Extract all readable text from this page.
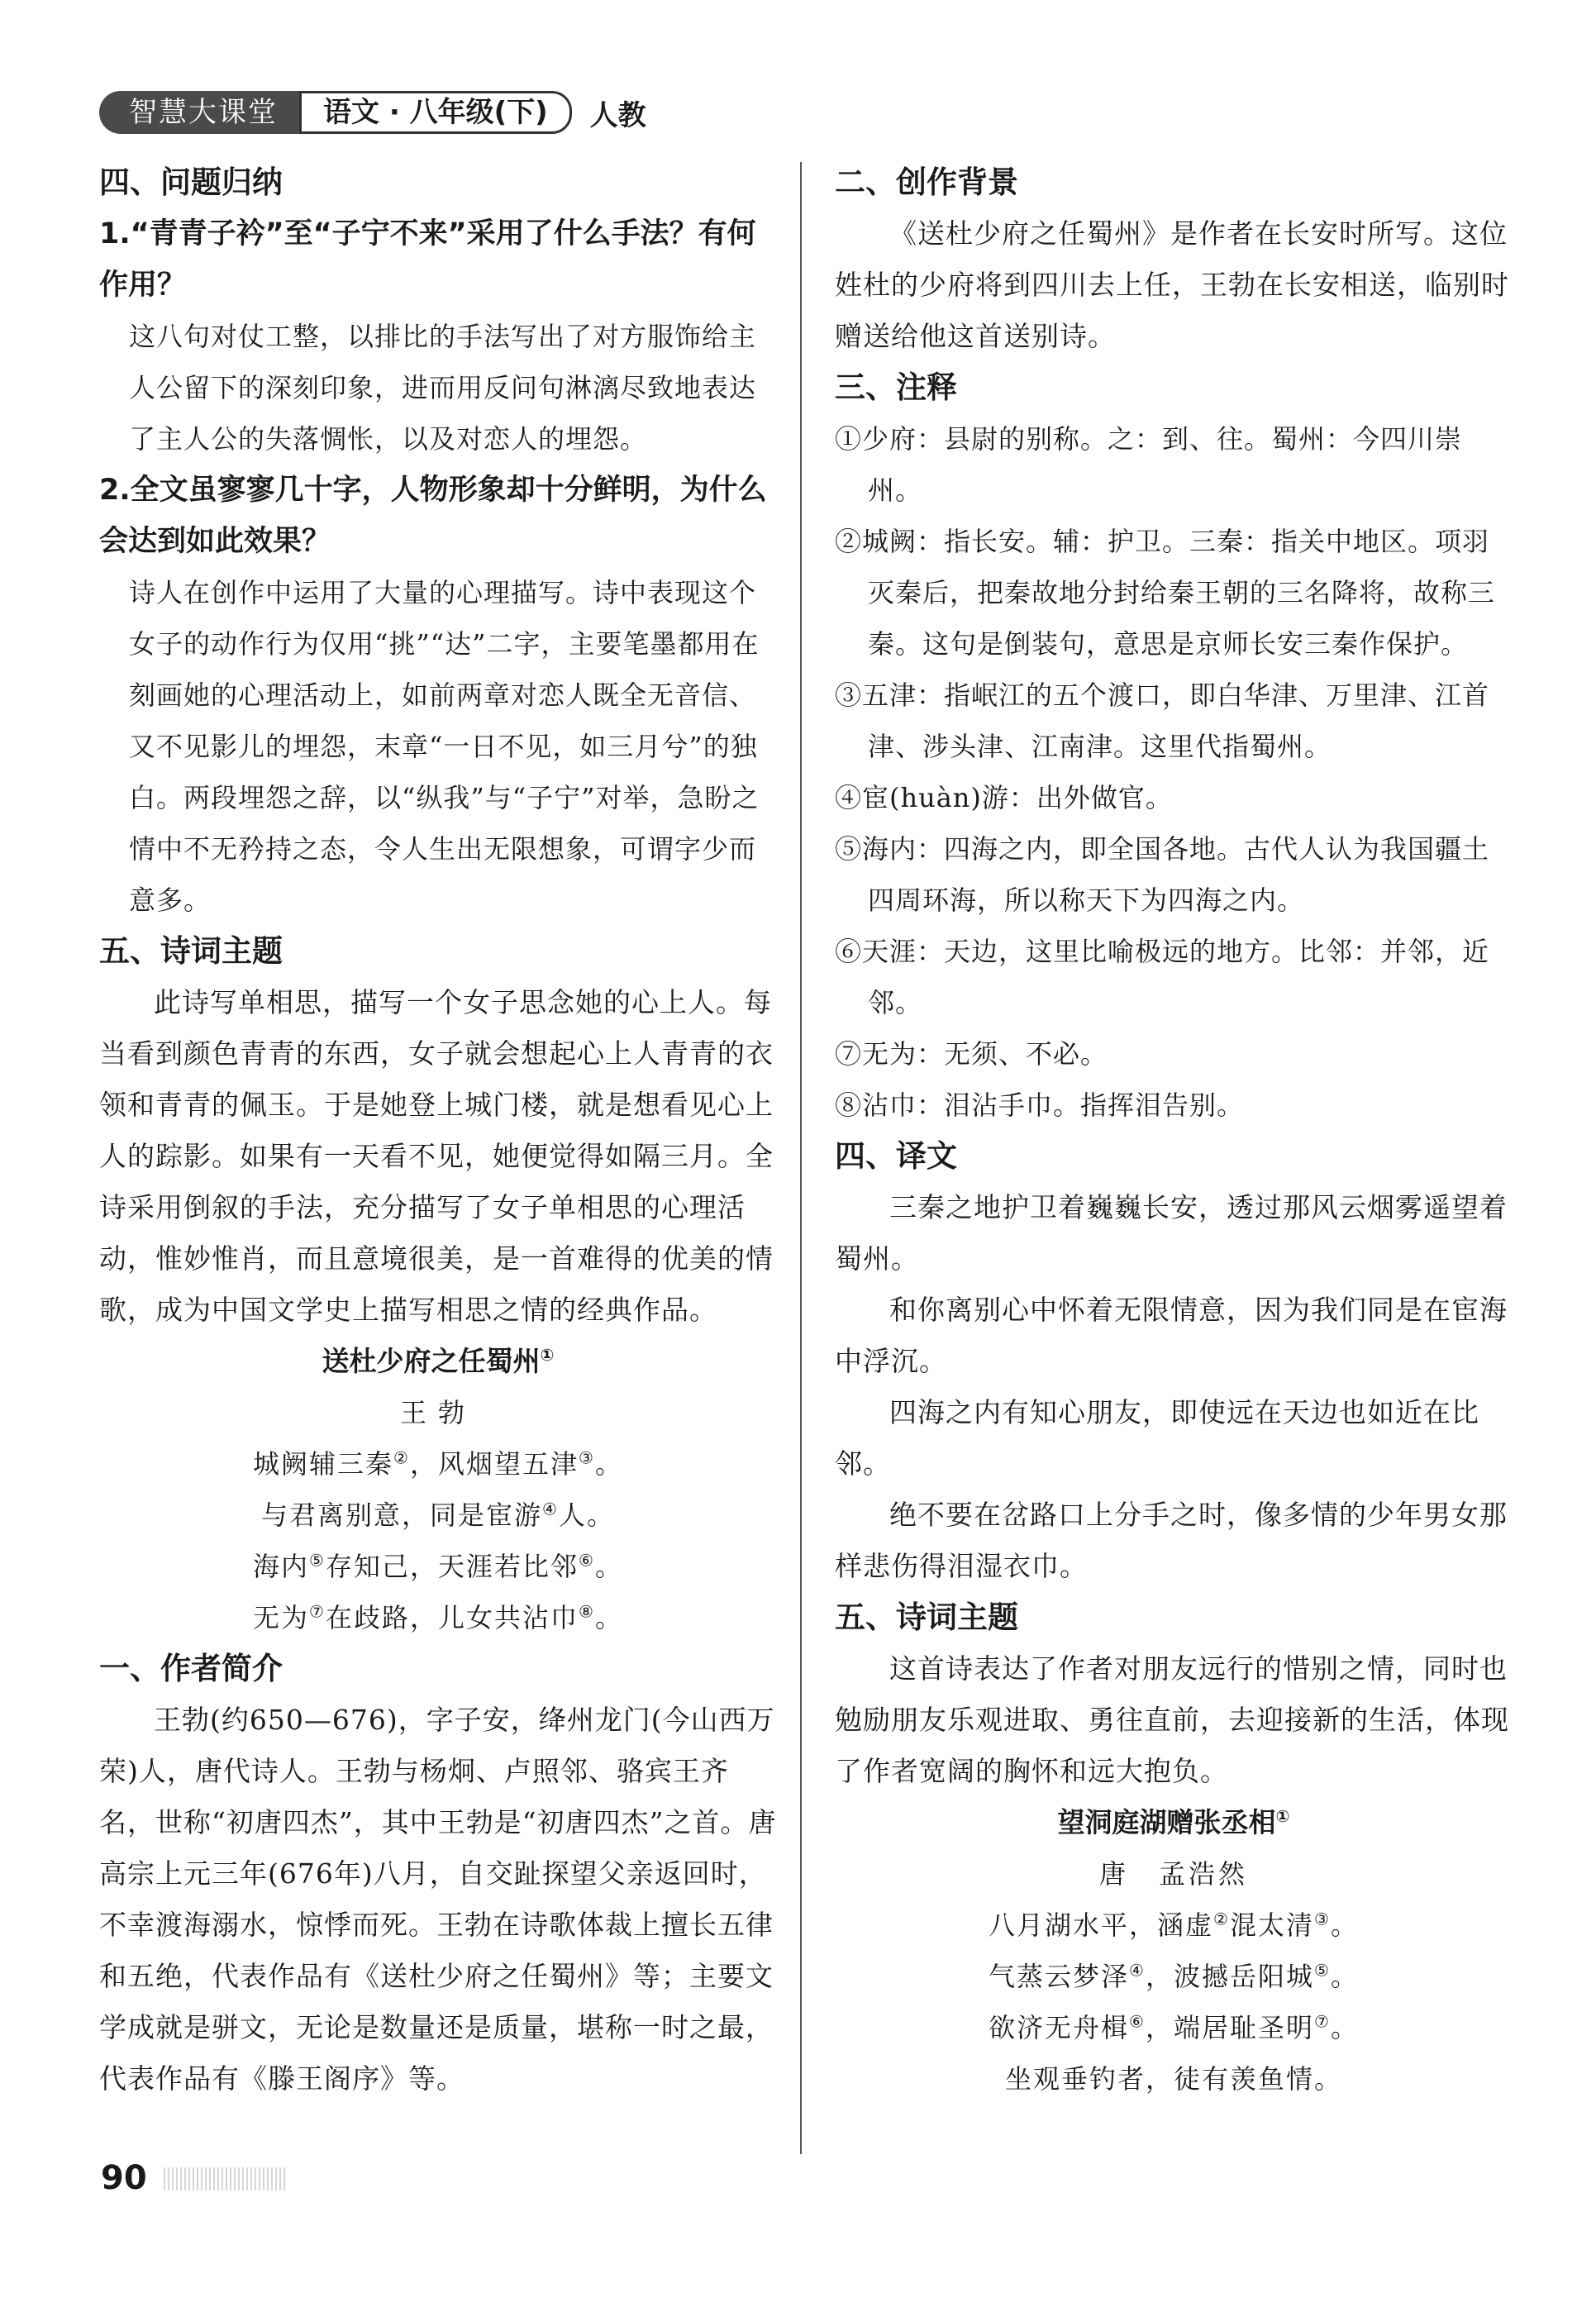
智慧大课堂	语文 · 八年级(下)	人教
四、问题归纳

1.“青青子衿”至“子宁不来”采用了什么手法？有何作用？

这八句对仗工整，以排比的手法写出了对方服饰给主人公留下的深刻印象，进而用反问句淋漓尽致地表达了主人公的失落惆怅，以及对恋人的埋怨。

2.全文虽寥寥几十字，人物形象却十分鲜明，为什么会达到如此效果？

诗人在创作中运用了大量的心理描写。诗中表现这个女子的动作行为仅用“挑”“达”二字，主要笔墨都用在刻画她的心理活动上，如前两章对恋人既全无音信、又不见影儿的埋怨，末章“一日不见，如三月兮”的独白。两段埋怨之辞，以“纵我”与“子宁”对举，急盼之情中不无矜持之态，令人生出无限想象，可谓字少而意多。

五、诗词主题

此诗写单相思，描写一个女子思念她的心上人。每当看到颜色青青的东西，女子就会想起心上人青青的衣领和青青的佩玉。于是她登上城门楼，就是想看见心上人的踪影。如果有一天看不见，她便觉得如隔三月。全诗采用倒叙的手法，充分描写了女子单相思的心理活动，惟妙惟肖，而且意境很美，是一首难得的优美的情歌，成为中国文学史上描写相思之情的经典作品。

送杜少府之任蜀州①

王勃

城阙辅三秦②，风烟望五津③。

与君离别意，同是宦游④人。

海内⑤存知己，天涯若比邻⑥。

无为⑦在歧路，儿女共沾巾⑧。

一、作者简介

王勃(约650—676)，字子安，绛州龙门(今山西万荣)人，唐代诗人。王勃与杨炯、卢照邻、骆宾王齐名，世称“初唐四杰”，其中王勃是“初唐四杰”之首。唐高宗上元三年(676年)八月，自交趾探望父亲返回时，不幸渡海溺水，惊悸而死。王勃在诗歌体裁上擅长五律和五绝，代表作品有《送杜少府之任蜀州》等；主要文学成就是骈文，无论是数量还是质量，堪称一时之最，代表作品有《滕王阁序》等。

二、创作背景

《送杜少府之任蜀州》是作者在长安时所写。这位姓杜的少府将到四川去上任，王勃在长安相送，临别时赠送给他这首送别诗。

三、注释

①少府：县尉的别称。之：到、往。蜀州：今四川崇州。

②城阙：指长安。辅：护卫。三秦：指关中地区。项羽灭秦后，把秦故地分封给秦王朝的三名降将，故称三秦。这句是倒装句，意思是京师长安三秦作保护。

③五津：指岷江的五个渡口，即白华津、万里津、江首津、涉头津、江南津。这里代指蜀州。

④宦(huàn)游：出外做官。

⑤海内：四海之内，即全国各地。古代人认为我国疆土四周环海，所以称天下为四海之内。

⑥天涯：天边，这里比喻极远的地方。比邻：并邻，近邻。

⑦无为：无须、不必。

⑧沾巾：泪沾手巾。指挥泪告别。

四、译文

三秦之地护卫着巍巍长安，透过那风云烟雾遥望着蜀州。

和你离别心中怀着无限情意，因为我们同是在宦海中浮沉。

四海之内有知心朋友，即使远在天边也如近在比邻。

绝不要在岔路口上分手之时，像多情的少年男女那样悲伤得泪湿衣巾。

五、诗词主题

这首诗表达了作者对朋友远行的惜别之情，同时也勉励朋友乐观进取、勇往直前，去迎接新的生活，体现了作者宽阔的胸怀和远大抱负。

望洞庭湖赠张丞相①

唐　孟浩然

八月湖水平，涵虚②混太清③。

气蒸云梦泽④，波撼岳阳城⑤。

欲济无舟楫⑥，端居耻圣明⑦。

坐观垂钓者，徒有羡鱼情。

90
